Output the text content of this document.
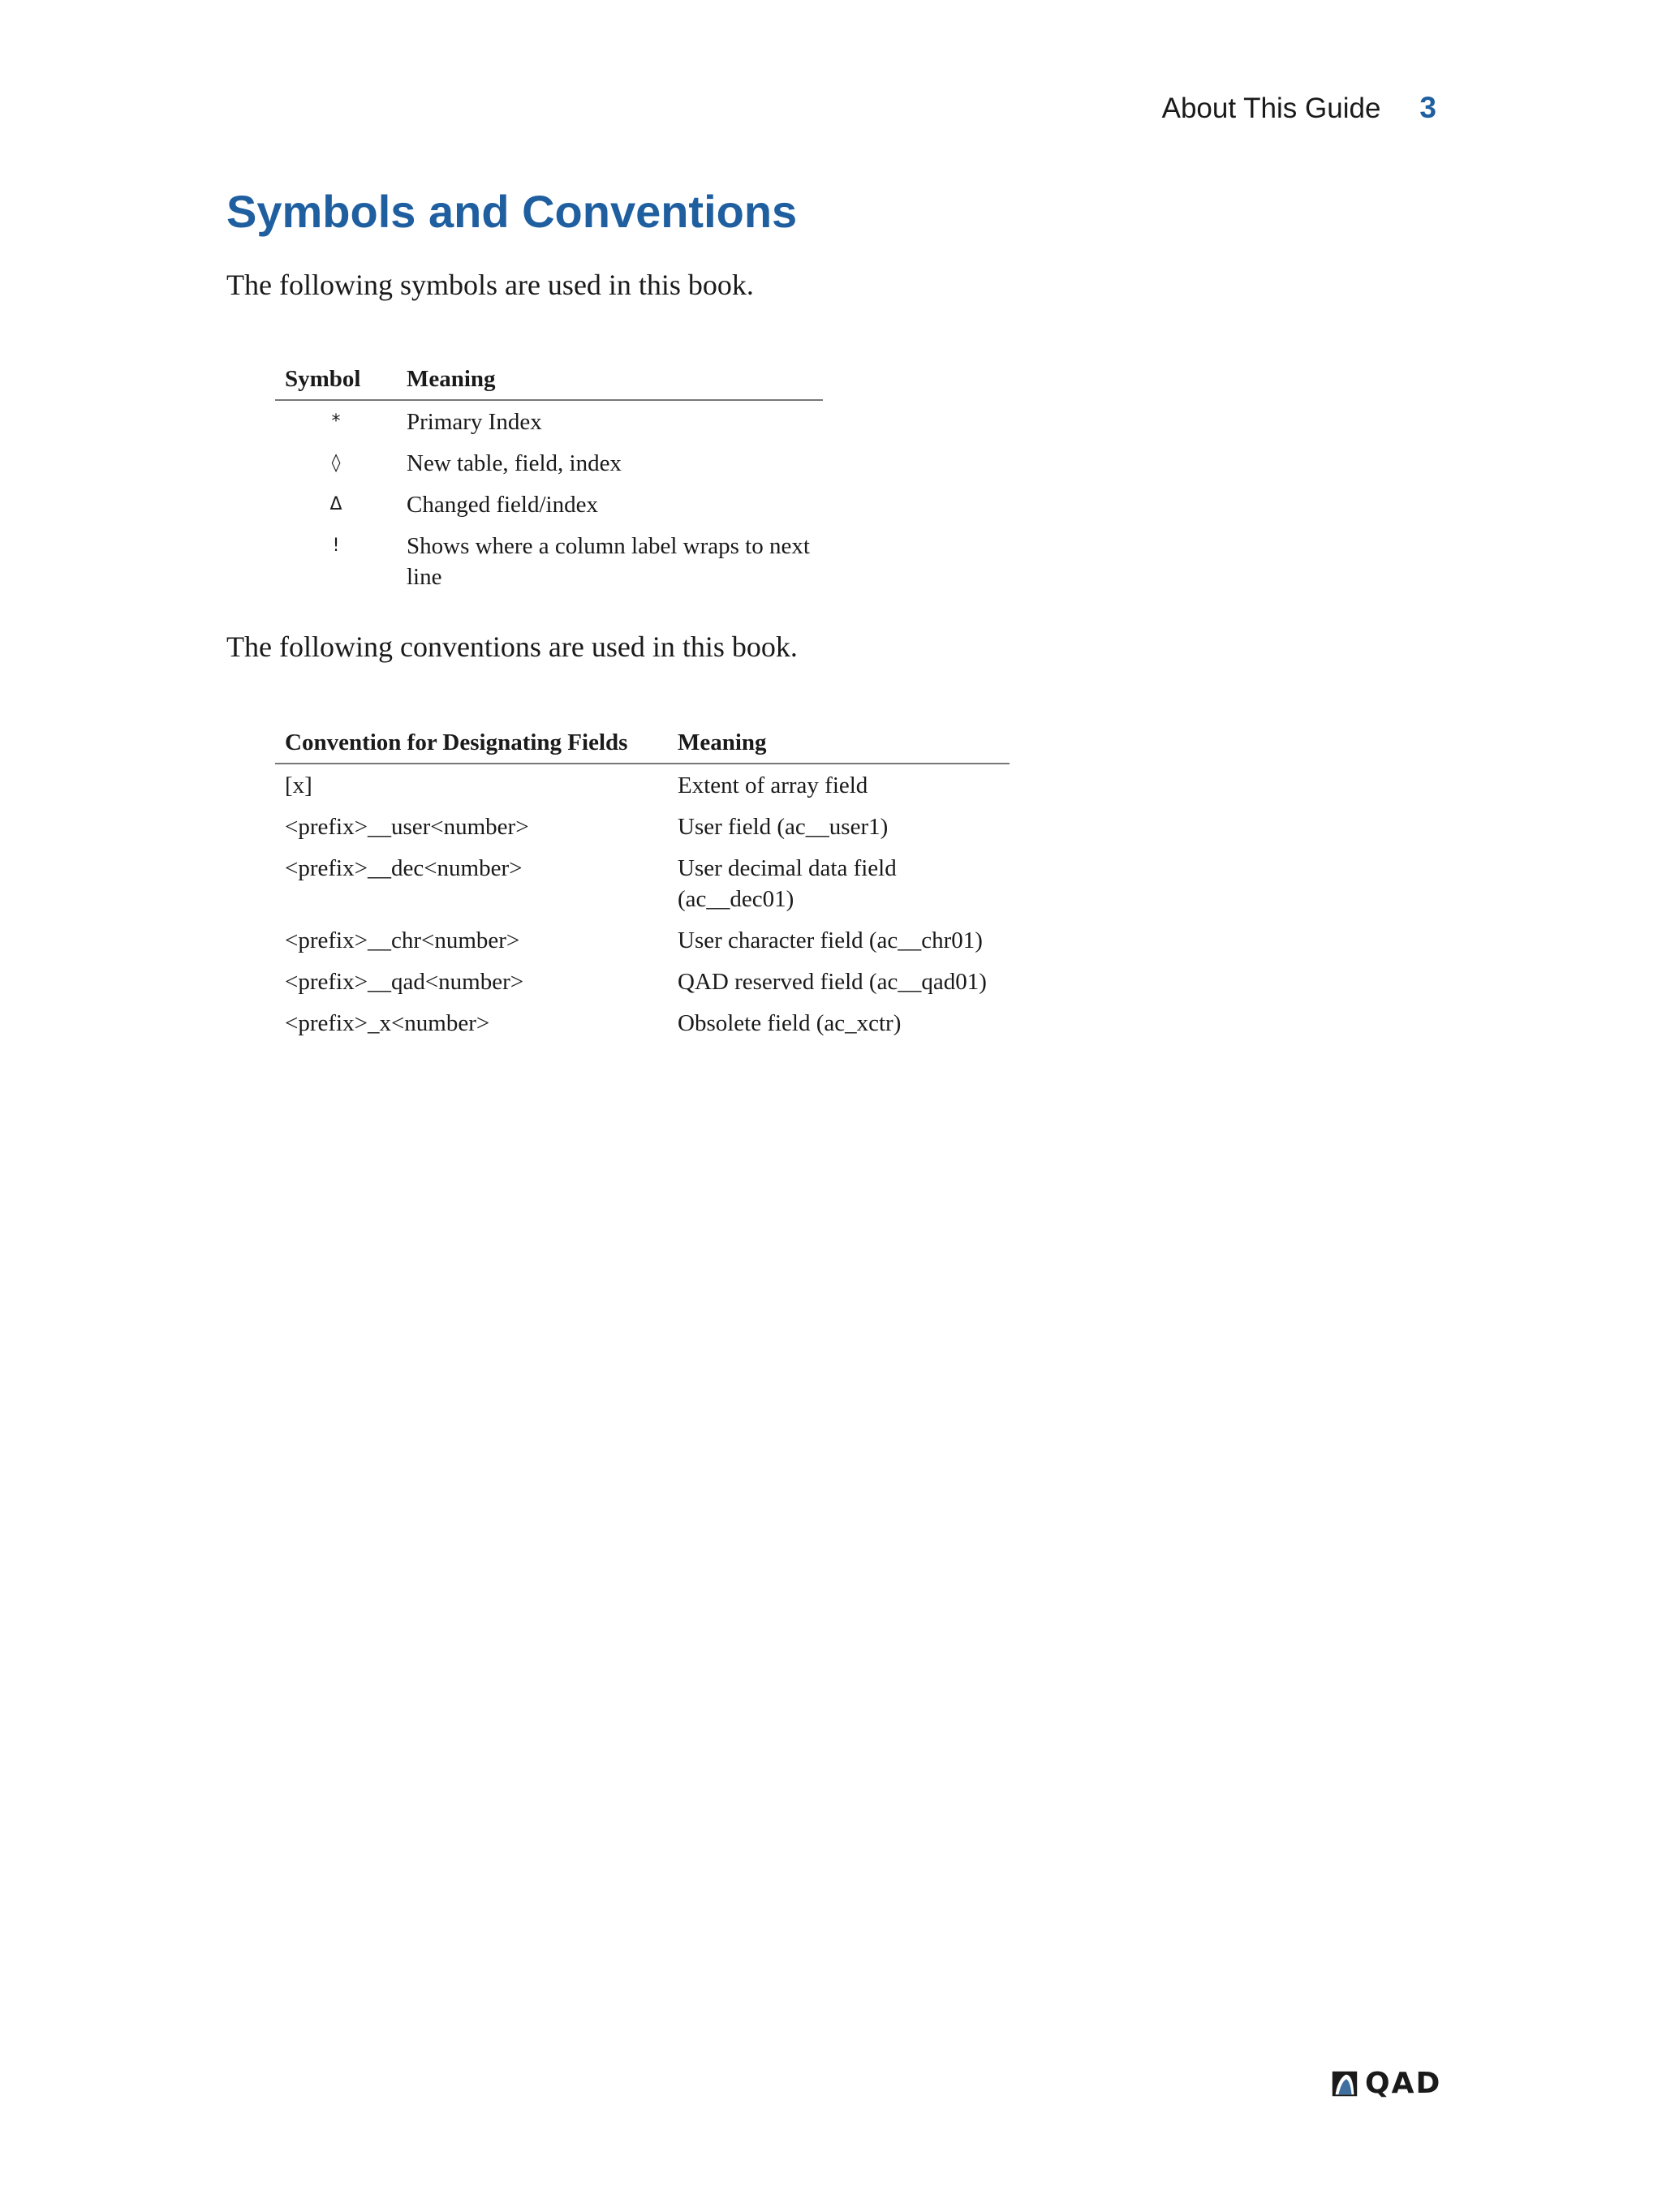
About This Guide 3
Symbols and Conventions

The following symbols are used in this book.

Symbol	Meaning
*	Primary Index
◊	New table, field, index
Δ	Changed field/index
!	Shows where a column label wraps to next line

The following conventions are used in this book.

Convention for Designating Fields	Meaning
[x]	Extent of array field
<prefix>__user<number>	User field (ac__user1)
<prefix>__dec<number>	User decimal data field (ac__dec01)
<prefix>__chr<number>	User character field (ac__chr01)
<prefix>__qad<number>	QAD reserved field (ac__qad01)
<prefix>_x<number>	Obsolete field (ac_xctr)
QAD
